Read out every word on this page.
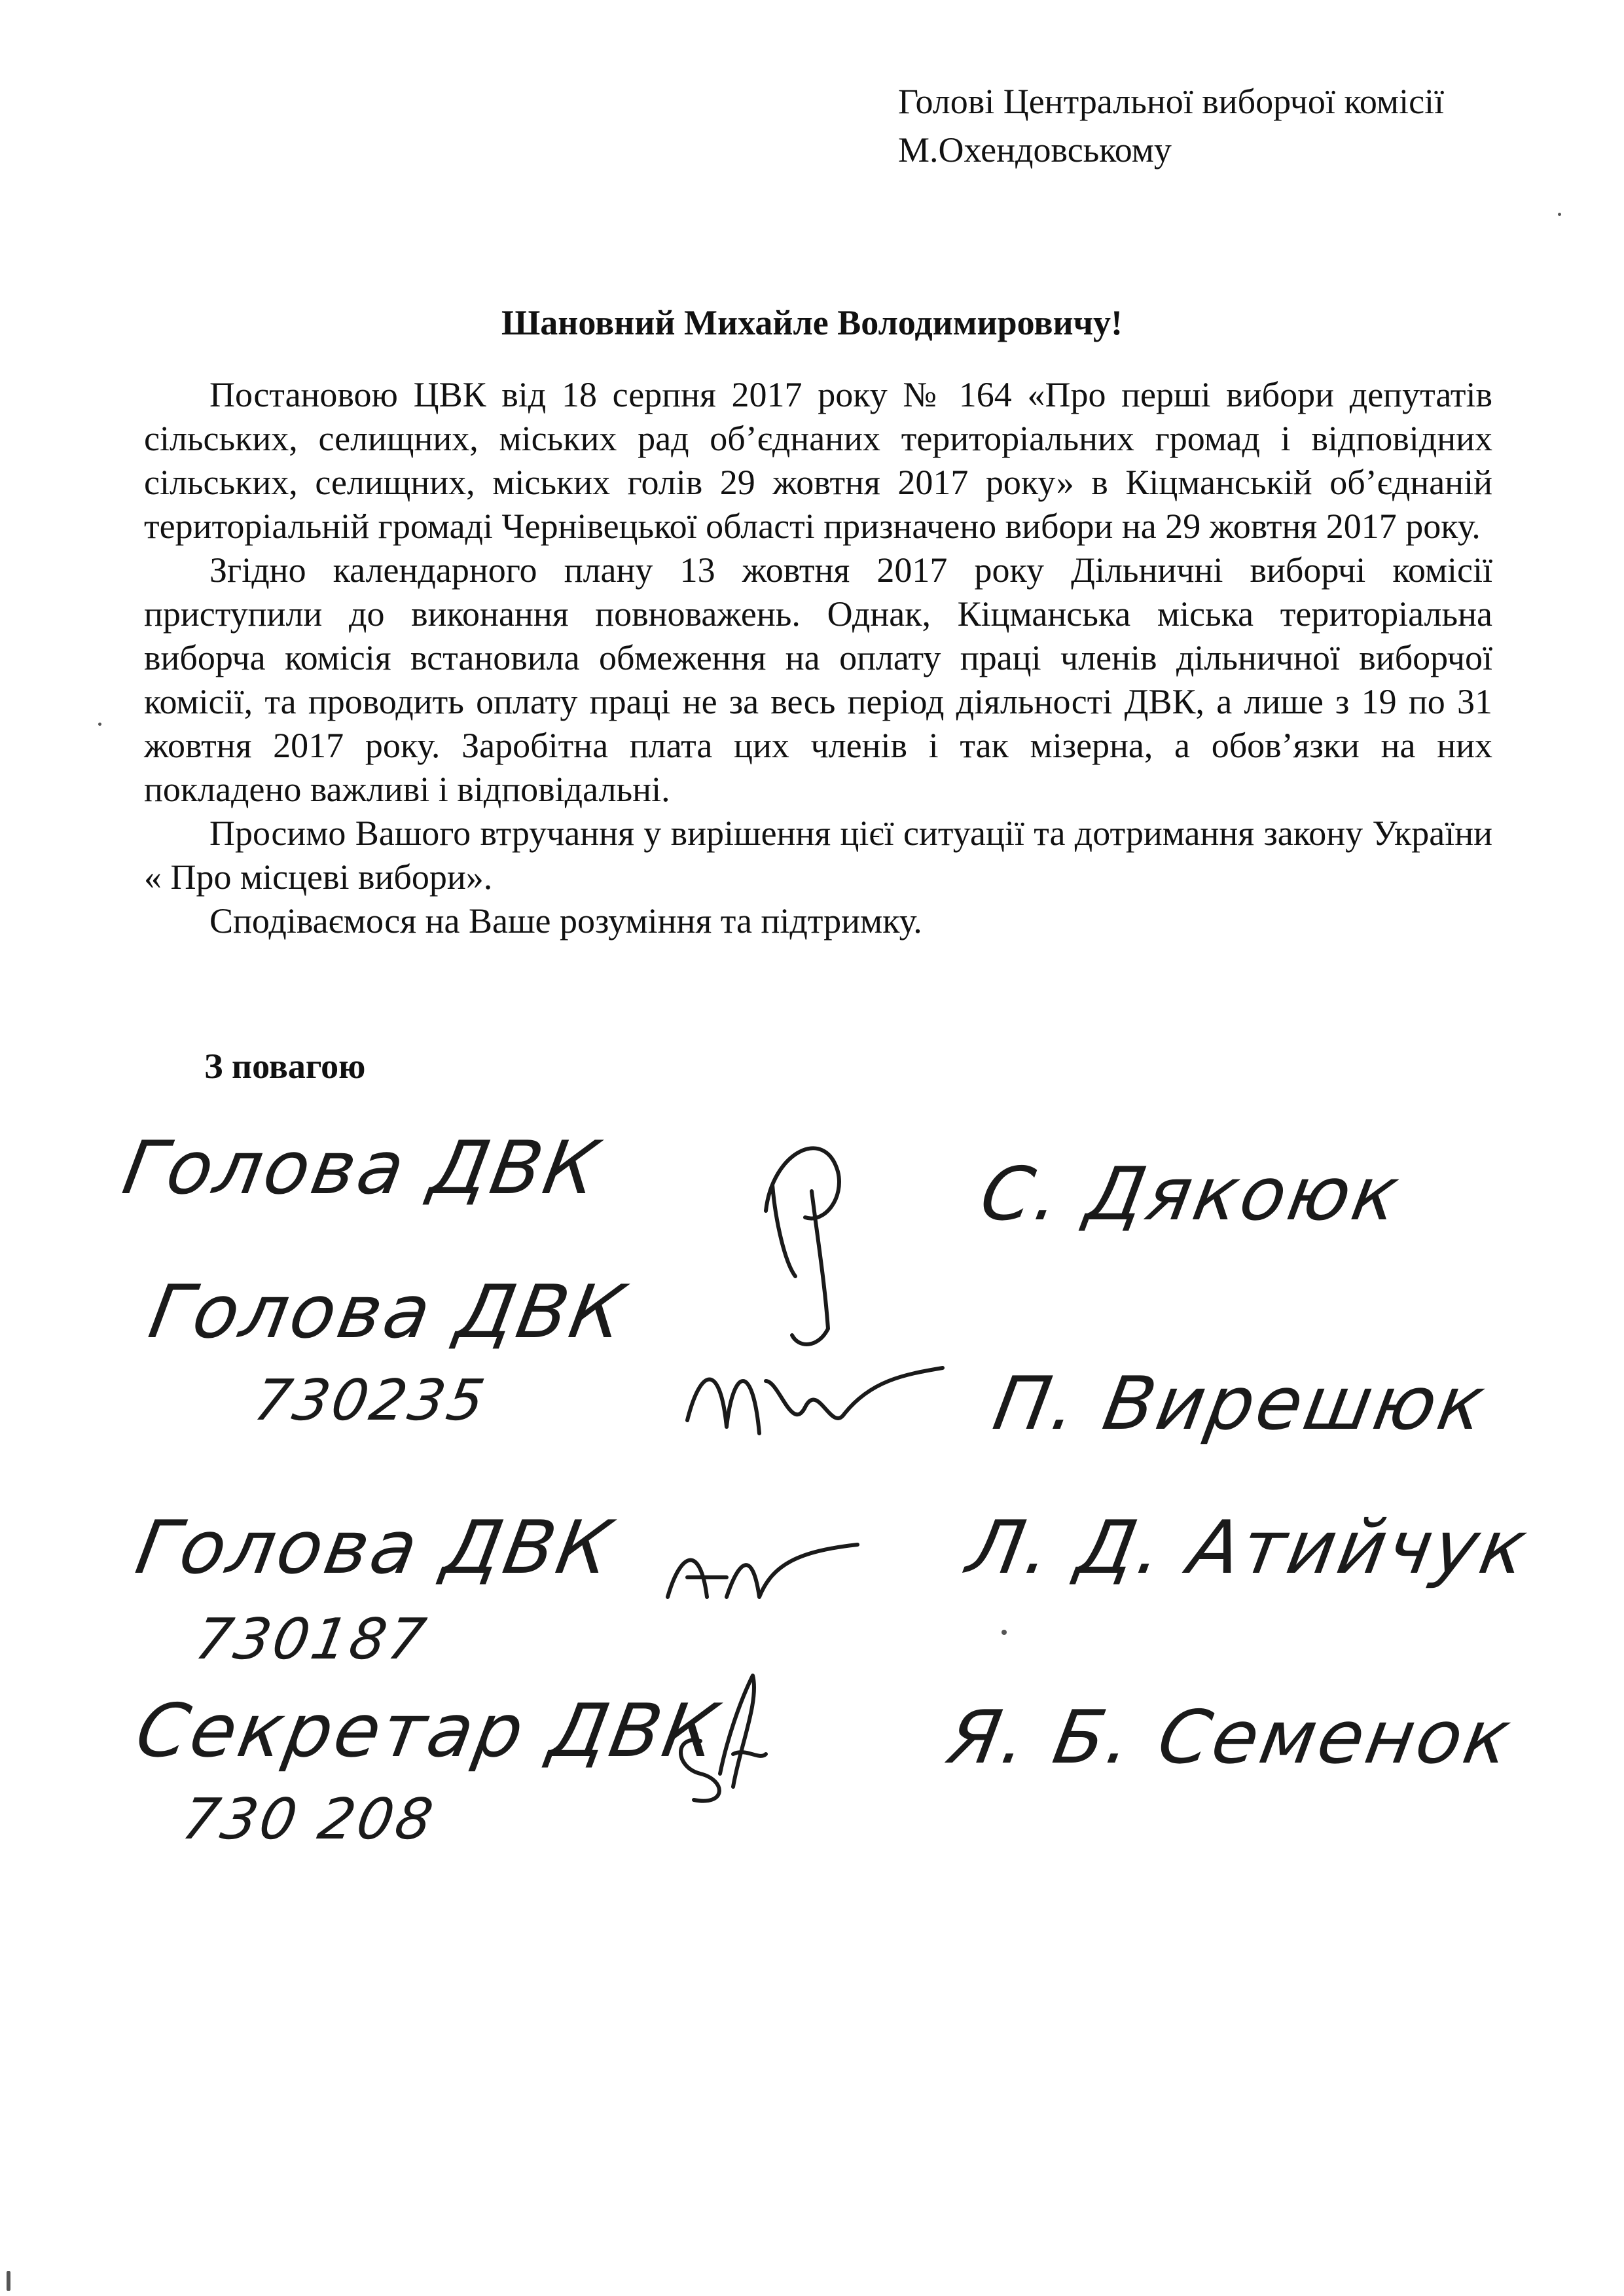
Голові Центральної виборчої комісії
М.Охендовському
Шановний Михайле Володимировичу!

Постановою ЦВК від 18 серпня 2017 року № 164 «Про перші вибори депутатів сільських, селищних, міських рад об’єднаних територіальних громад і відповідних сільських, селищних, міських голів 29 жовтня 2017 року» в Кіцманській об’єднаній територіальній громаді Чернівецької області призначено вибори на 29 жовтня 2017 року.

Згідно календарного плану 13 жовтня 2017 року Дільничні виборчі комісії приступили до виконання повноважень. Однак, Кіцманська міська територіальна виборча комісія встановила обмеження на оплату праці членів дільничної виборчої комісії, та проводить оплату праці не за весь період діяльності ДВК, а лише з 19 по 31 жовтня 2017 року. Заробітна плата цих членів і так мізерна, а обов’язки на них покладено важливі і відповідальні.

Просимо Вашого втручання у вирішення цієї ситуації та дотримання закону України « Про місцеві вибори».

Сподіваємося на Ваше розуміння та підтримку.

З повагою
Голова ДВК	С. Дякоюк
Голова ДВК
730235	П. Вирешюк
Голова ДВК
730187
Л. Д. Атийчук
Секретар ДВК
730 208
Я. Б. Семенок
